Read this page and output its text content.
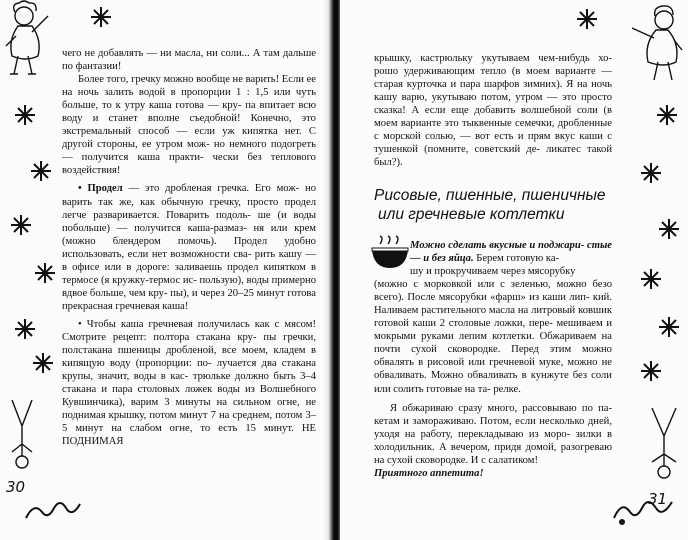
30

чего не добавлять — ни масла, ни соли... А там дальше по фантазии!

Более того, гречку можно вообще не варить! Если ее на ночь залить водой в пропорции 1 : 1,5 или чуть больше, то к утру каша готова — кру- па впитает всю воду и станет вполне съедобной! Конечно, это экстремальный способ — если уж кипятка нет. С другой стороны, ее утром мож- но немного подогреть — получится каша практи- чески без теплового воздействия!

• Продел — это дробленая гречка. Его мож- но варить так же, как обычную гречку, просто продел легче разваривается. Поварить подоль- ше (и воды побольше) — получится каша-размаз- ня или крем (можно блендером помочь). Продел удобно использовать, если нет возможности сва- рить кашу — в офисе или в дороге: заливаешь продел кипятком в термосе (я кружку-термос ис- пользую), воды примерно вдвое больше, чем кру- пы), и через 20–25 минут готова прекрасная гречневая каша!

• Чтобы каша гречневая получилась как с мясом! Смотрите рецепт: полтора стакана кру- пы гречки, полстакана пшеницы дробленой, все моем, кладем в кипящую воду (пропорции: по- лучается два стакана крупы, значит, воды в кас- трюльке должно быть 3–4 стакана и пара столовых ложек воды из Волшебного Кувшинчика), варим 3 минуты на сильном огне, не поднимая крышку, потом минут 7 на среднем, потом 3–5 минут на слабом огне, то есть 15 минут. НЕ ПОДНИМАЯ

31

крышку, кастрюльку укутываем чем-нибудь хо- рошо удерживающим тепло (в моем варианте — старая курточка и пара шарфов зимних). Я на ночь кашу варю, укутываю потом, утром — это просто сказка! А если еще добавить волшебной соли (в моем варианте это тыквенные семечки, дробленные с морской солью, — вот есть и прям вкус каши с тушенкой (помните, советский де- ликатес такой был?).

Рисовые, пшенные, пшеничные
или гречневые котлетки

Можно сделать вкусные и поджари- стые — и без яйца. Берем готовую ка-

шу и прокручиваем через мясорубку

(можно с морковкой или с зеленью, можно безо всего). После мясорубки «фарш» из каши лип- кий. Наливаем растительного масла на литровый ковшик готовой каши 2 столовые ложки, пере- мешиваем и мокрыми руками лепим котлетки. Обжариваем на почти сухой сковородке. Перед этим можно обвалять в рисовой или гречневой муке, можно не обваливать. Можно обваливать в кунжуте без соли или солить готовые на та- релке.

Я обжариваю сразу много, рассовываю по па- кетам и замораживаю. Потом, если несколько дней, уходя на работу, перекладываю из моро- зилки в холодильник. А вечером, придя домой, разогреваю на сухой сковородке. И с салатиком!

Приятного аппетита!
